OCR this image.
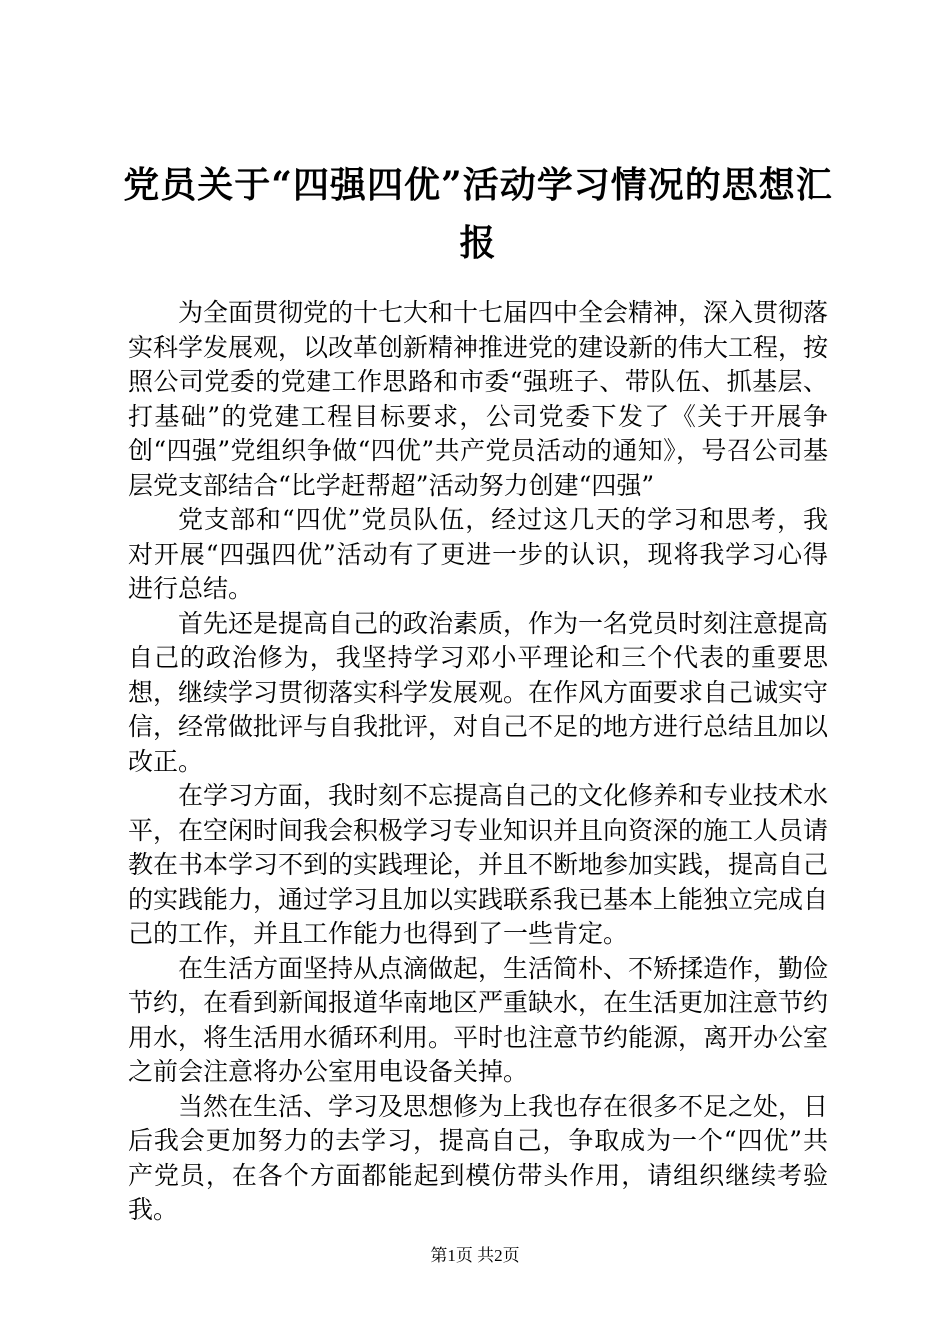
党员关于“四强四优”活动学习情况的思想汇报

为全面贯彻党的十七大和十七届四中全会精神，深入贯彻落实科学发展观，以改革创新精神推进党的建设新的伟大工程，按照公司党委的党建工作思路和市委“强班子、带队伍、抓基层、打基础”的党建工程目标要求，公司党委下发了《关于开展争创“四强”党组织争做“四优”共产党员活动的通知》，号召公司基层党支部结合“比学赶帮超”活动努力创建“四强”

党支部和“四优”党员队伍，经过这几天的学习和思考，我对开展“四强四优”活动有了更进一步的认识，现将我学习心得进行总结。

首先还是提高自己的政治素质，作为一名党员时刻注意提高自己的政治修为，我坚持学习邓小平理论和三个代表的重要思想，继续学习贯彻落实科学发展观。在作风方面要求自己诚实守信，经常做批评与自我批评，对自己不足的地方进行总结且加以改正。

在学习方面，我时刻不忘提高自己的文化修养和专业技术水平，在空闲时间我会积极学习专业知识并且向资深的施工人员请教在书本学习不到的实践理论，并且不断地参加实践，提高自己的实践能力，通过学习且加以实践联系我已基本上能独立完成自己的工作，并且工作能力也得到了一些肯定。

在生活方面坚持从点滴做起，生活简朴、不矫揉造作，勤俭节约，在看到新闻报道华南地区严重缺水，在生活更加注意节约用水，将生活用水循环利用。平时也注意节约能源，离开办公室之前会注意将办公室用电设备关掉。

当然在生活、学习及思想修为上我也存在很多不足之处，日后我会更加努力的去学习，提高自己，争取成为一个“四优”共产党员，在各个方面都能起到模仿带头作用，请组织继续考验我。

第1页 共2页
